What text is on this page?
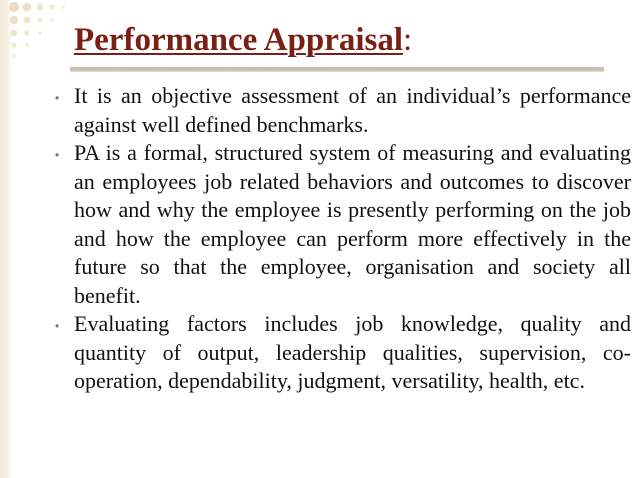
Performance Appraisal:
• It is an objective assessment of an individual’s performance against well defined benchmarks.
• PA is a formal, structured system of measuring and evaluating an employees job related behaviors and outcomes to discover how and why the employee is presently performing on the job and how the employee can perform more effectively in the future so that the employee, organisation and society all benefit.
• Evaluating factors includes job knowledge, quality and quantity of output, leadership qualities, supervision, co-operation, dependability, judgment, versatility, health, etc.
